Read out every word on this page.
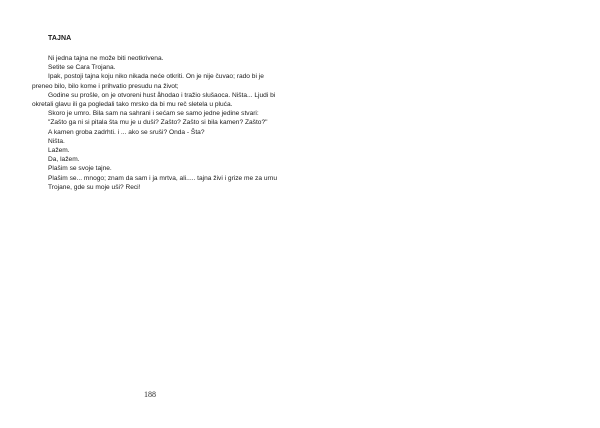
TAJNA

Ni jedna tajna ne može biti neotkrivena.

Setite se Cara Trojana.

Ipak, postoji tajna koju niko nikada neće otkriti. On je nije čuvao; rado bi je preneo bilo, bilo kome i prihvatio presudu na život;

Godine su prošle, on je otvoreni hust åhodao i tražio slušaoca. Ništa... Ljudi bi okretali glavu ili ga pogledali tako mrsko da bi mu reč sletela u pluća.

Skoro je umro. Bila sam na sahrani i sećam se samo jedne jedine stvari:

"Zašto ga ni si pitala šta mu je u duši? Zašto? Zašto si bila kamen? Zašto?"

A kamen groba zadrhti. i ... ako se sruši? Onda - Šta?

Ništa.

Lažem.

Da, lažem.

Plašim se svoje tajne.

Plašim se... mnogo; znam da sam i ja mrtva, ali..... tajna živi i grize me za urnu

Trojane, gde su moje uši? Reci!

188
